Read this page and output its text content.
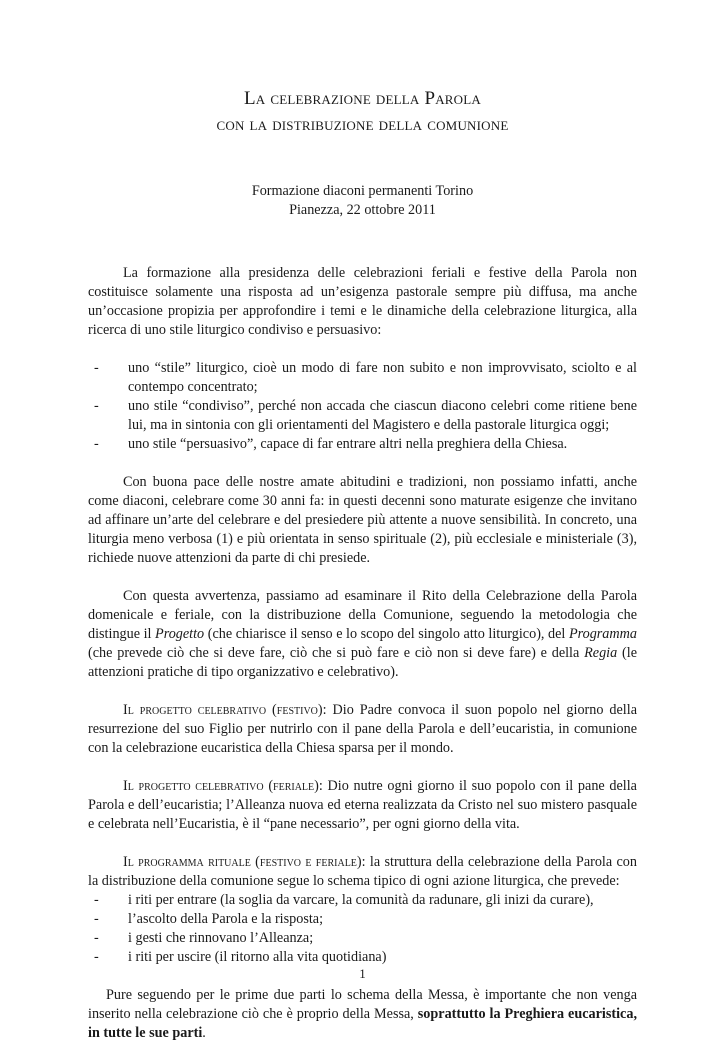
La celebrazione della Parola

con la distribuzione della comunione

Formazione diaconi permanenti Torino
Pianezza, 22 ottobre 2011

La formazione alla presidenza delle celebrazioni feriali e festive della Parola non costituisce solamente una risposta ad un’esigenza pastorale sempre più diffusa, ma anche un’occasione propizia per approfondire i temi e le dinamiche della celebrazione liturgica, alla ricerca di uno stile liturgico condiviso e persuasivo:

- uno “stile” liturgico, cioè un modo di fare non subito e non improvvisato, sciolto e al contempo concentrato;
- uno stile “condiviso”, perché non accada che ciascun diacono celebri come ritiene bene lui, ma in sintonia con gli orientamenti del Magistero e della pastorale liturgica oggi;
- uno stile “persuasivo”, capace di far entrare altri nella preghiera della Chiesa.

Con buona pace delle nostre amate abitudini e tradizioni, non possiamo infatti, anche come diaconi, celebrare come 30 anni fa: in questi decenni sono maturate esigenze che invitano ad affinare un’arte del celebrare e del presiedere più attente a nuove sensibilità. In concreto, una liturgia meno verbosa (1) e più orientata in senso spirituale (2), più ecclesiale e ministeriale (3), richiede nuove attenzioni da parte di chi presiede.

Con questa avvertenza, passiamo ad esaminare il Rito della Celebrazione della Parola domenicale e feriale, con la distribuzione della Comunione, seguendo la metodologia che distingue il Progetto (che chiarisce il senso e lo scopo del singolo atto liturgico), del Programma (che prevede ciò che si deve fare, ciò che si può fare e ciò non si deve fare) e della Regia (le attenzioni pratiche di tipo organizzativo e celebrativo).

Il progetto celebrativo (festivo): Dio Padre convoca il suon popolo nel giorno della resurrezione del suo Figlio per nutrirlo con il pane della Parola e dell’eucaristia, in comunione con la celebrazione eucaristica della Chiesa sparsa per il mondo.

Il progetto celebrativo (feriale): Dio nutre ogni giorno il suo popolo con il pane della Parola e dell’eucaristia; l’Alleanza nuova ed eterna realizzata da Cristo nel suo mistero pasquale e celebrata nell’Eucaristia, è il “pane necessario”, per ogni giorno della vita.

Il programma rituale (festivo e feriale): la struttura della celebrazione della Parola con la distribuzione della comunione segue lo schema tipico di ogni azione liturgica, che prevede:

- i riti per entrare (la soglia da varcare, la comunità da radunare, gli inizi da curare),
- l’ascolto della Parola e la risposta;
- i gesti che rinnovano l’Alleanza;
- i riti per uscire (il ritorno alla vita quotidiana)

Pure seguendo per le prime due parti lo schema della Messa, è importante che non venga inserito nella celebrazione ciò che è proprio della Messa, soprattutto la Preghiera eucaristica, in tutte le sue parti.

1
